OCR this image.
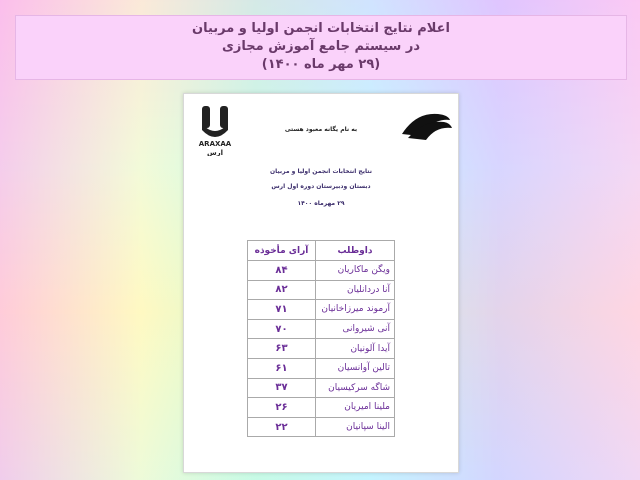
اعلام نتایج انتخابات انجمن اولیا و مربیان
در سیستم جامع آموزش مجازی
(۲۹ مهر ماه ۱۴۰۰)
ARAXAA
ارس
به نام یگانه معبود هستی
نتایج انتخابات انجمن اولیا و مربیان
دبستان ودبیرستان دوره اول ارس
۲۹ مهرماه ۱۴۰۰
داوطلب	آرای مأخوذه
ویگن ماکاریان	۸۴
آنا دردانلیان	۸۲
آرموند میرزاخانیان	۷۱
آنی شیروانی	۷۰
آیدا آلونیان	۶۳
تالین آوانسیان	۶۱
شاگه سرکیسیان	۳۷
ملینا امیریان	۲۶
الینا سپانیان	۲۲
